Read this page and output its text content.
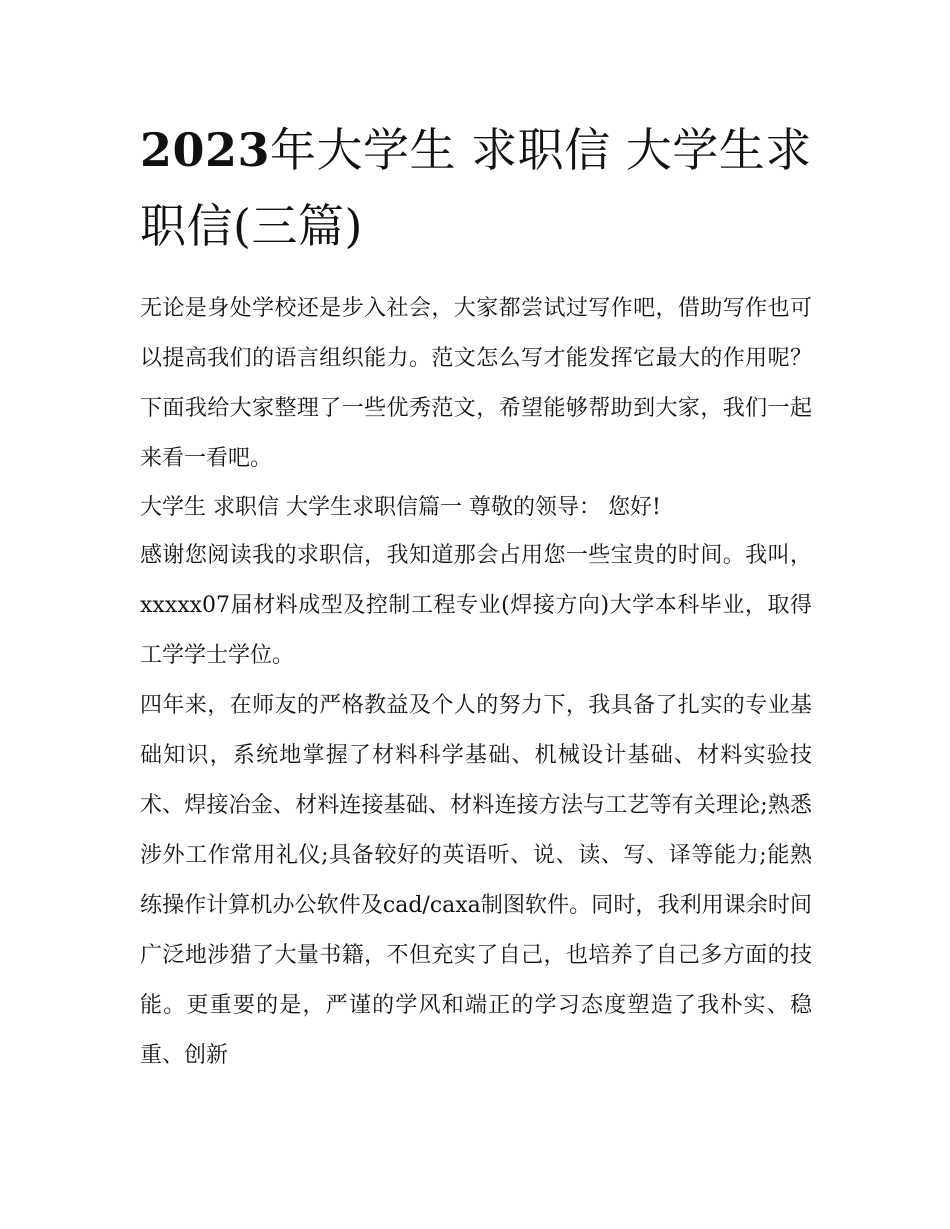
2023年大学生 求职信 大学生求职信(三篇)

无论是身处学校还是步入社会，大家都尝试过写作吧，借助写作也可以提高我们的语言组织能力。范文怎么写才能发挥它最大的作用呢？下面我给大家整理了一些优秀范文，希望能够帮助到大家，我们一起来看一看吧。

大学生 求职信 大学生求职信篇一 尊敬的领导： 您好!

感谢您阅读我的求职信，我知道那会占用您一些宝贵的时间。我叫，xxxxx07届材料成型及控制工程专业(焊接方向)大学本科毕业，取得工学学士学位。

四年来，在师友的严格教益及个人的努力下，我具备了扎实的专业基础知识，系统地掌握了材料科学基础、机械设计基础、材料实验技术、焊接冶金、材料连接基础、材料连接方法与工艺等有关理论;熟悉涉外工作常用礼仪;具备较好的英语听、说、读、写、译等能力;能熟练操作计算机办公软件及cad/caxa制图软件。同时，我利用课余时间广泛地涉猎了大量书籍，不但充实了自己，也培养了自己多方面的技能。更重要的是，严谨的学风和端正的学习态度塑造了我朴实、稳重、创新
